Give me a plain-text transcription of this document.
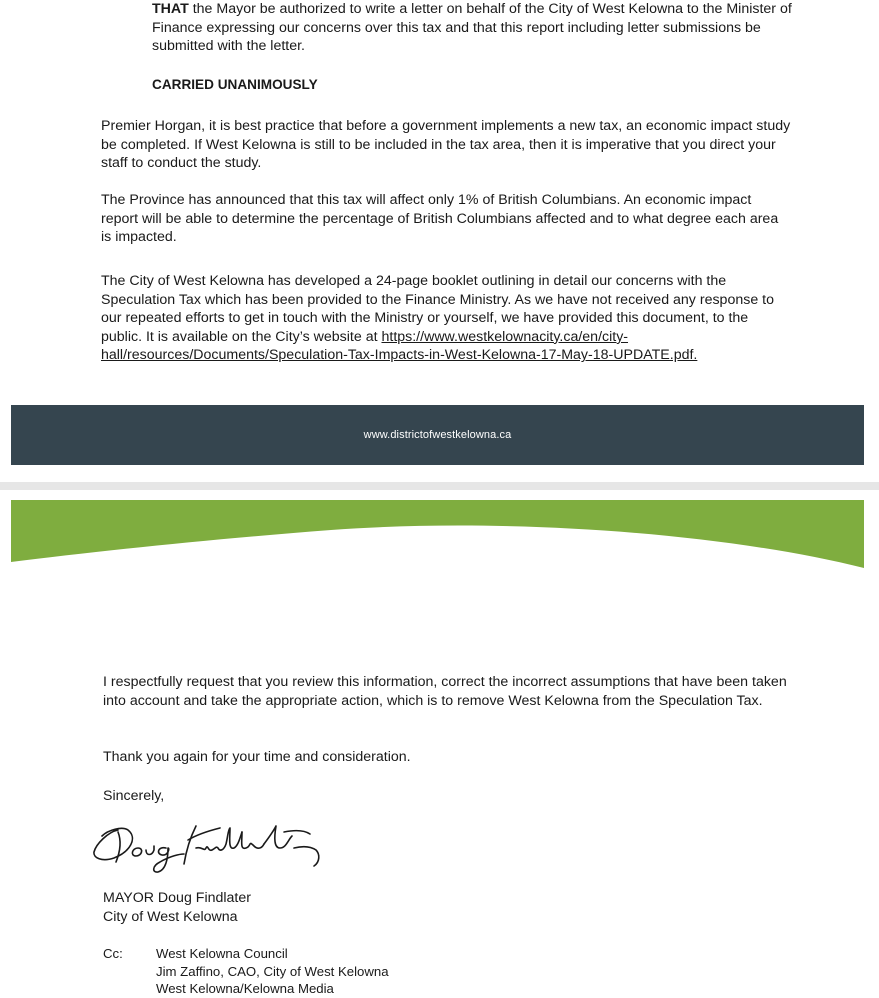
THAT the Mayor be authorized to write a letter on behalf of the City of West Kelowna to the Minister of Finance expressing our concerns over this tax and that this report including letter submissions be submitted with the letter.

CARRIED UNANIMOUSLY

Premier Horgan, it is best practice that before a government implements a new tax, an economic impact study be completed. If West Kelowna is still to be included in the tax area, then it is imperative that you direct your staff to conduct the study.

The Province has announced that this tax will affect only 1% of British Columbians. An economic impact report will be able to determine the percentage of British Columbians affected and to what degree each area is impacted.

The City of West Kelowna has developed a 24-page booklet outlining in detail our concerns with the Speculation Tax which has been provided to the Finance Ministry. As we have not received any response to our repeated efforts to get in touch with the Ministry or yourself, we have provided this document, to the public. It is available on the City’s website at https://www.westkelownacity.ca/en/city-hall/resources/Documents/Speculation-Tax-Impacts-in-West-Kelowna-17-May-18-UPDATE.pdf.

www.districtofwestkelowna.ca

I respectfully request that you review this information, correct the incorrect assumptions that have been taken into account and take the appropriate action, which is to remove West Kelowna from the Speculation Tax.

Thank you again for your time and consideration.

Sincerely,

MAYOR Doug Findlater
City of West Kelowna

Cc:	West Kelowna Council
Jim Zaffino, CAO, City of West Kelowna
West Kelowna/Kelowna Media
